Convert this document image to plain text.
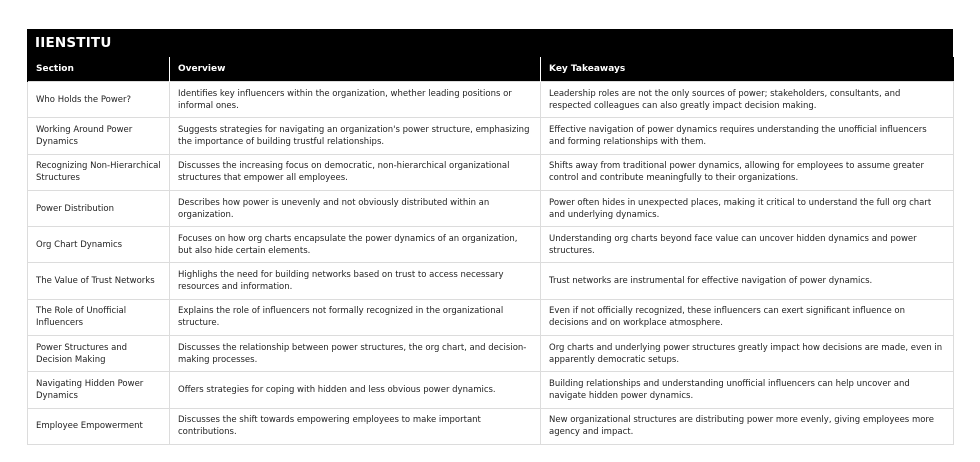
IIENSTITU
Section	Overview	Key Takeaways
Who Holds the Power?	Identifies key influencers within the organization, whether leading positions or informal ones.	Leadership roles are not the only sources of power; stakeholders, consultants, and respected colleagues can also greatly impact decision making.
Working Around Power Dynamics	Suggests strategies for navigating an organization's power structure, emphasizing the importance of building trustful relationships.	Effective navigation of power dynamics requires understanding the unofficial influencers and forming relationships with them.
Recognizing Non-Hierarchical Structures	Discusses the increasing focus on democratic, non-hierarchical organizational structures that empower all employees.	Shifts away from traditional power dynamics, allowing for employees to assume greater control and contribute meaningfully to their organizations.
Power Distribution	Describes how power is unevenly and not obviously distributed within an organization.	Power often hides in unexpected places, making it critical to understand the full org chart and underlying dynamics.
Org Chart Dynamics	Focuses on how org charts encapsulate the power dynamics of an organization, but also hide certain elements.	Understanding org charts beyond face value can uncover hidden dynamics and power structures.
The Value of Trust Networks	Highlighs the need for building networks based on trust to access necessary resources and information.	Trust networks are instrumental for effective navigation of power dynamics.
The Role of Unofficial Influencers	Explains the role of influencers not formally recognized in the organizational structure.	Even if not officially recognized, these influencers can exert significant influence on decisions and on workplace atmosphere.
Power Structures and Decision Making	Discusses the relationship between power structures, the org chart, and decision-making processes.	Org charts and underlying power structures greatly impact how decisions are made, even in apparently democratic setups.
Navigating Hidden Power Dynamics	Offers strategies for coping with hidden and less obvious power dynamics.	Building relationships and understanding unofficial influencers can help uncover and navigate hidden power dynamics.
Employee Empowerment	Discusses the shift towards empowering employees to make important contributions.	New organizational structures are distributing power more evenly, giving employees more agency and impact.
